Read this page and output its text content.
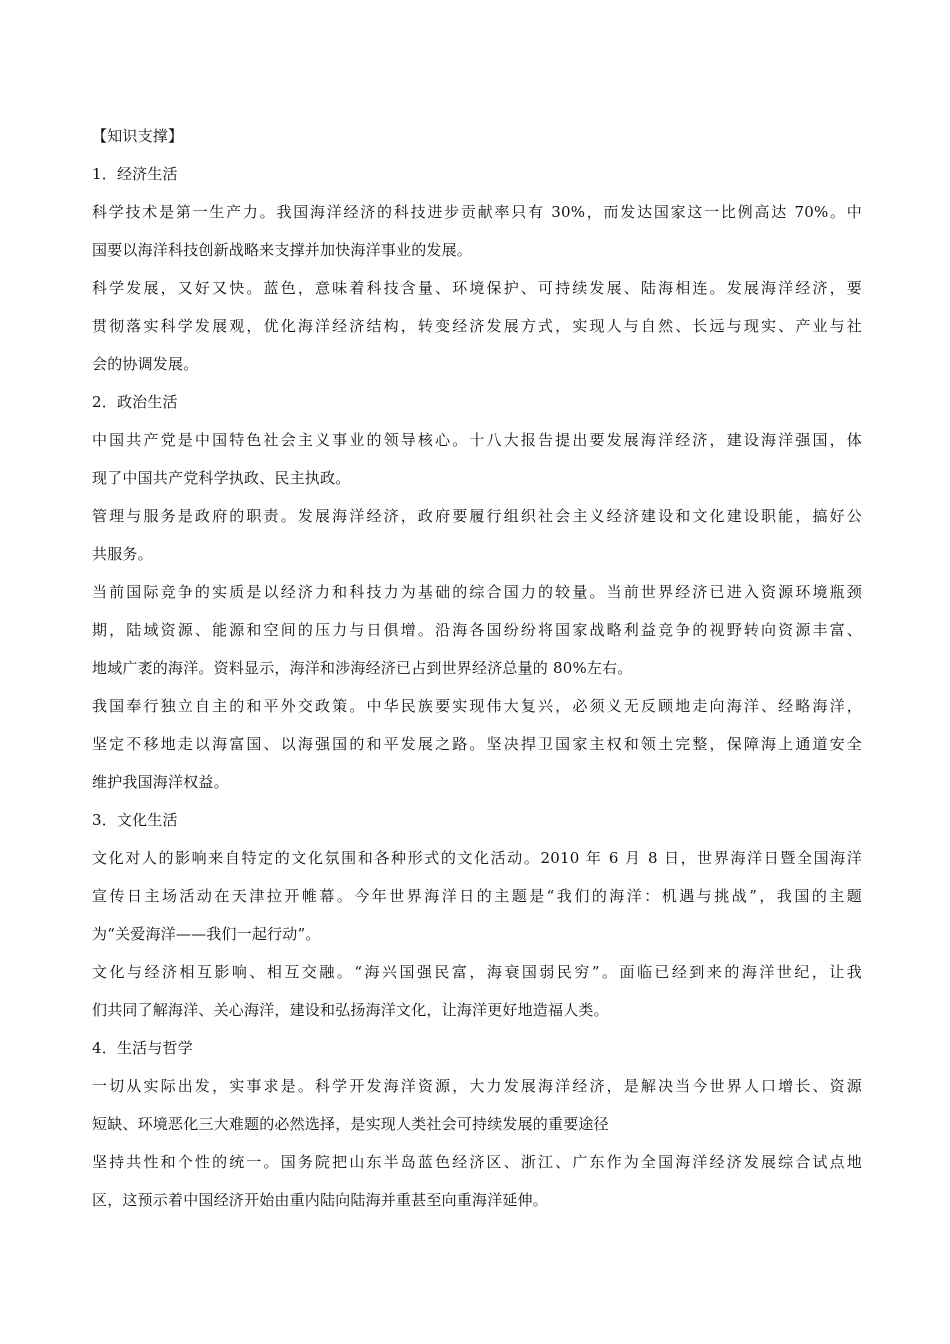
【知识支撑】
1．经济生活
科学技术是第一生产力。我国海洋经济的科技进步贡献率只有 30%，而发达国家这一比例高达 70%。中
国要以海洋科技创新战略来支撑并加快海洋事业的发展。
科学发展，又好又快。蓝色，意味着科技含量、环境保护、可持续发展、陆海相连。发展海洋经济，要
贯彻落实科学发展观，优化海洋经济结构，转变经济发展方式，实现人与自然、长远与现实、产业与社
会的协调发展。
2．政治生活
中国共产党是中国特色社会主义事业的领导核心。十八大报告提出要发展海洋经济，建设海洋强国，体
现了中国共产党科学执政、民主执政。
管理与服务是政府的职责。发展海洋经济，政府要履行组织社会主义经济建设和文化建设职能，搞好公
共服务。
当前国际竞争的实质是以经济力和科技力为基础的综合国力的较量。当前世界经济已进入资源环境瓶颈
期，陆域资源、能源和空间的压力与日俱增。沿海各国纷纷将国家战略利益竞争的视野转向资源丰富、
地域广袤的海洋。资料显示，海洋和涉海经济已占到世界经济总量的 80%左右。
我国奉行独立自主的和平外交政策。中华民族要实现伟大复兴，必须义无反顾地走向海洋、经略海洋，
坚定不移地走以海富国、以海强国的和平发展之路。坚决捍卫国家主权和领土完整，保障海上通道安全
维护我国海洋权益。
3．文化生活
文化对人的影响来自特定的文化氛围和各种形式的文化活动。2010 年 6 月 8 日，世界海洋日暨全国海洋
宣传日主场活动在天津拉开帷幕。今年世界海洋日的主题是“我们的海洋：机遇与挑战”，我国的主题
为“关爱海洋——我们一起行动”。
文化与经济相互影响、相互交融。“海兴国强民富，海衰国弱民穷”。面临已经到来的海洋世纪，让我
们共同了解海洋、关心海洋，建设和弘扬海洋文化，让海洋更好地造福人类。
4．生活与哲学
一切从实际出发，实事求是。科学开发海洋资源，大力发展海洋经济，是解决当今世界人口增长、资源
短缺、环境恶化三大难题的必然选择，是实现人类社会可持续发展的重要途径
坚持共性和个性的统一。国务院把山东半岛蓝色经济区、浙江、广东作为全国海洋经济发展综合试点地
区，这预示着中国经济开始由重内陆向陆海并重甚至向重海洋延伸。
